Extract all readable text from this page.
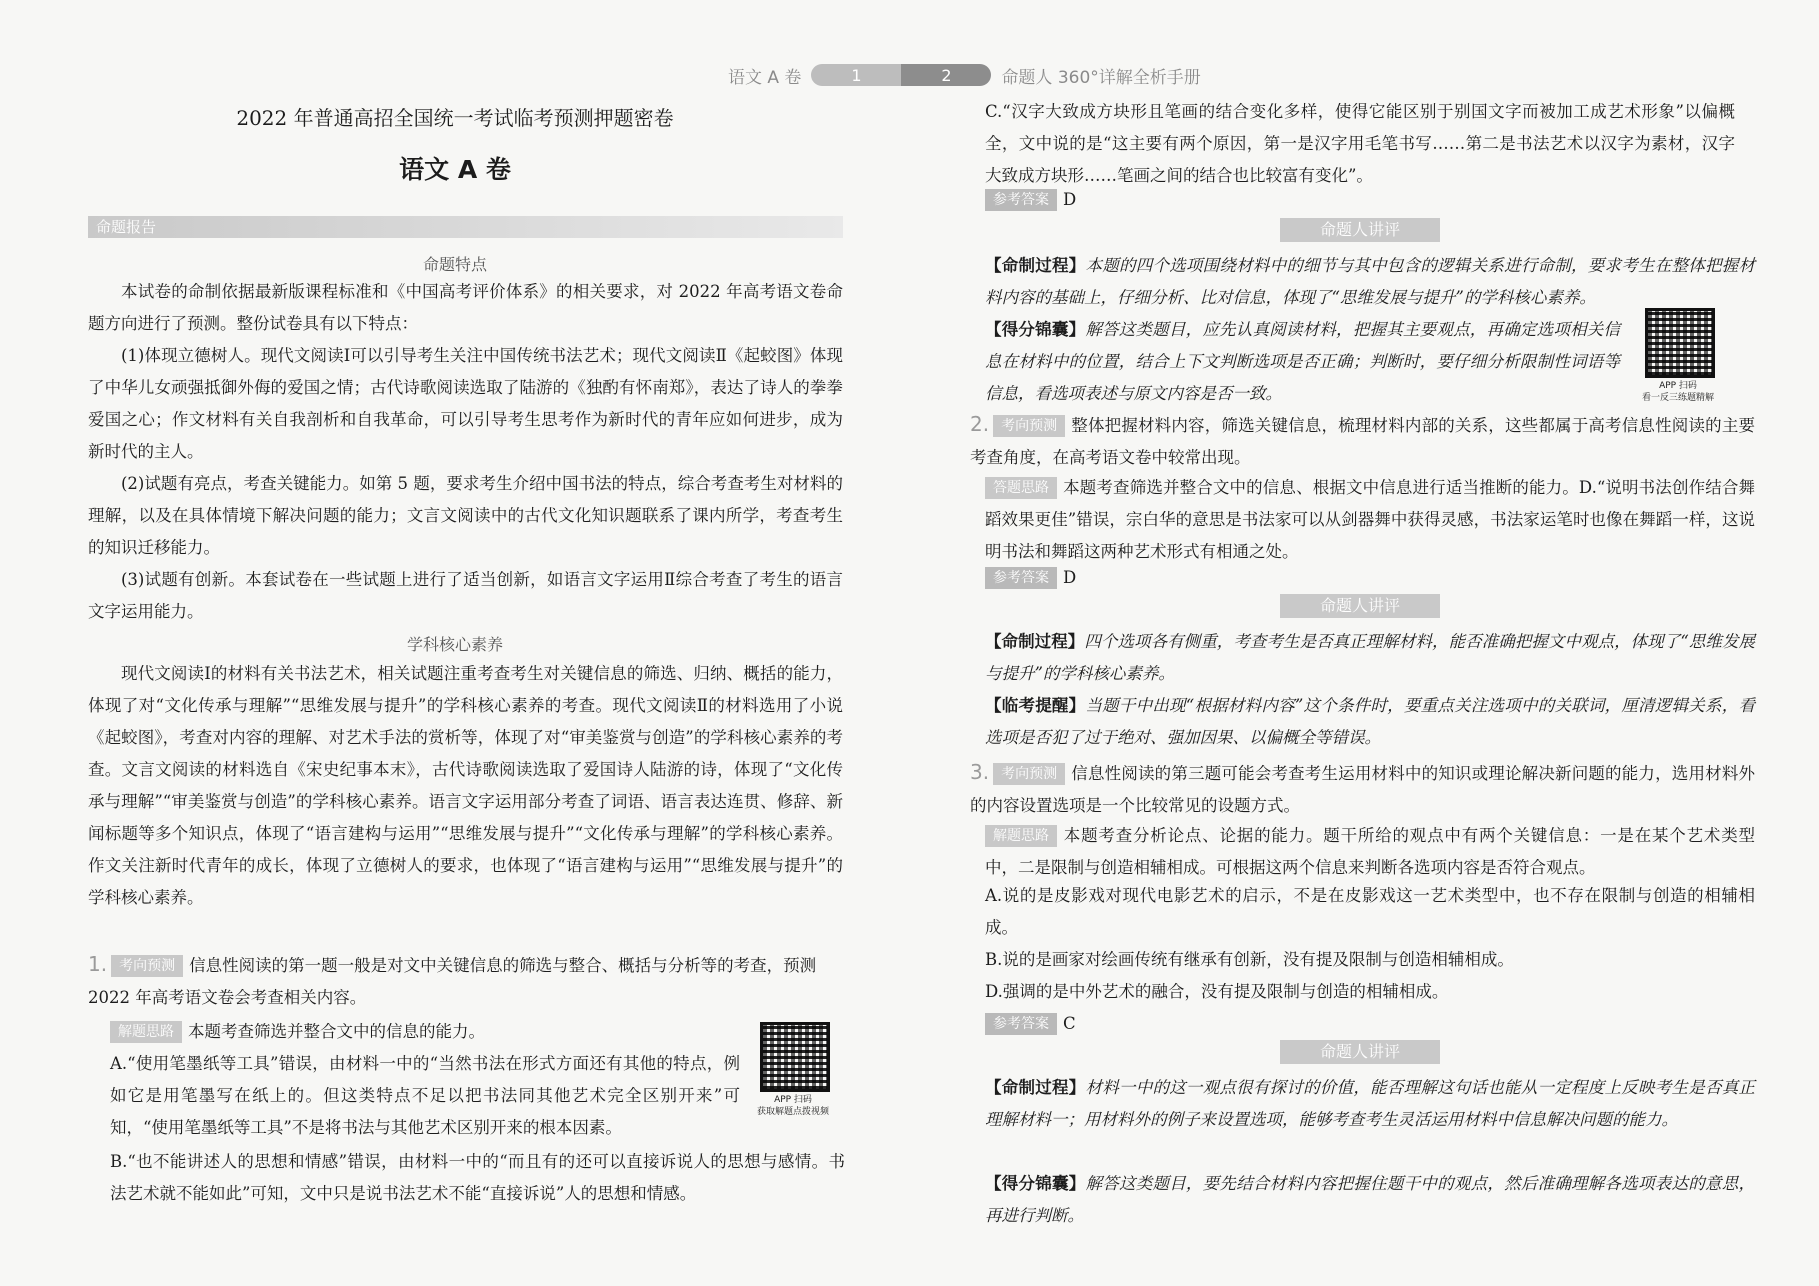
语文 A 卷	1	2	命题人 360°详解全析手册
2022 年普通高招全国统一考试临考预测押题密卷
语文 A 卷
命题报告
命题特点
本试卷的命制依据最新版课程标准和《中国高考评价体系》的相关要求，对 2022 年高考语文卷命题方向进行了预测。整份试卷具有以下特点：
(1)体现立德树人。现代文阅读Ⅰ可以引导考生关注中国传统书法艺术；现代文阅读Ⅱ《起蛟图》体现了中华儿女顽强抵御外侮的爱国之情；古代诗歌阅读选取了陆游的《独酌有怀南郑》，表达了诗人的拳拳爱国之心；作文材料有关自我剖析和自我革命，可以引导考生思考作为新时代的青年应如何进步，成为新时代的主人。
(2)试题有亮点，考查关键能力。如第 5 题，要求考生介绍中国书法的特点，综合考查考生对材料的理解，以及在具体情境下解决问题的能力；文言文阅读中的古代文化知识题联系了课内所学，考查考生的知识迁移能力。
(3)试题有创新。本套试卷在一些试题上进行了适当创新，如语言文字运用Ⅱ综合考查了考生的语言文字运用能力。
学科核心素养
现代文阅读Ⅰ的材料有关书法艺术，相关试题注重考查考生对关键信息的筛选、归纳、概括的能力，体现了对“文化传承与理解”“思维发展与提升”的学科核心素养的考查。现代文阅读Ⅱ的材料选用了小说《起蛟图》，考查对内容的理解、对艺术手法的赏析等，体现了对“审美鉴赏与创造”的学科核心素养的考查。文言文阅读的材料选自《宋史纪事本末》，古代诗歌阅读选取了爱国诗人陆游的诗，体现了“文化传承与理解”“审美鉴赏与创造”的学科核心素养。语言文字运用部分考查了词语、语言表达连贯、修辞、新闻标题等多个知识点，体现了“语言建构与运用”“思维发展与提升”“文化传承与理解”的学科核心素养。作文关注新时代青年的成长，体现了立德树人的要求，也体现了“语言建构与运用”“思维发展与提升”的学科核心素养。
1. 考向预测 信息性阅读的第一题一般是对文中关键信息的筛选与整合、概括与分析等的考查，预测 2022 年高考语文卷会考查相关内容。
解题思路 本题考查筛选并整合文中的信息的能力。
A.“使用笔墨纸等工具”错误，由材料一中的“当然书法在形式方面还有其他的特点，例如它是用笔墨写在纸上的。但这类特点不足以把书法同其他艺术完全区别开来”可知，“使用笔墨纸等工具”不是将书法与其他艺术区别开来的根本因素。
B.“也不能讲述人的思想和情感”错误，由材料一中的“而且有的还可以直接诉说人的思想与感情。书法艺术就不能如此”可知，文中只是说书法艺术不能“直接诉说”人的思想和情感。
APP 扫码
获取解题点拨视频
C.“汉字大致成方块形且笔画的结合变化多样，使得它能区别于别国文字而被加工成艺术形象”以偏概全，文中说的是“这主要有两个原因，第一是汉字用毛笔书写……第二是书法艺术以汉字为素材，汉字大致成方块形……笔画之间的结合也比较富有变化”。
参考答案 D
命题人讲评
【命制过程】本题的四个选项围绕材料中的细节与其中包含的逻辑关系进行命制，要求考生在整体把握材料内容的基础上，仔细分析、比对信息，体现了“思维发展与提升”的学科核心素养。
【得分锦囊】解答这类题目，应先认真阅读材料，把握其主要观点，再确定选项相关信息在材料中的位置，结合上下文判断选项是否正确；判断时，要仔细分析限制性词语等信息，看选项表述与原文内容是否一致。	APP 扫码
看一反三练题精解
2. 考向预测 整体把握材料内容，筛选关键信息，梳理材料内部的关系，这些都属于高考信息性阅读的主要考查角度，在高考语文卷中较常出现。
答题思路 本题考查筛选并整合文中的信息、根据文中信息进行适当推断的能力。D.“说明书法创作结合舞蹈效果更佳”错误，宗白华的意思是书法家可以从剑器舞中获得灵感，书法家运笔时也像在舞蹈一样，这说明书法和舞蹈这两种艺术形式有相通之处。
参考答案 D
命题人讲评
【命制过程】四个选项各有侧重，考查考生是否真正理解材料，能否准确把握文中观点，体现了“思维发展与提升”的学科核心素养。
【临考提醒】当题干中出现“根据材料内容”这个条件时，要重点关注选项中的关联词，厘清逻辑关系，看选项是否犯了过于绝对、强加因果、以偏概全等错误。
3. 考向预测 信息性阅读的第三题可能会考查考生运用材料中的知识或理论解决新问题的能力，选用材料外的内容设置选项是一个比较常见的设题方式。
解题思路 本题考查分析论点、论据的能力。题干所给的观点中有两个关键信息：一是在某个艺术类型中，二是限制与创造相辅相成。可根据这两个信息来判断各选项内容是否符合观点。
A.说的是皮影戏对现代电影艺术的启示，不是在皮影戏这一艺术类型中，也不存在限制与创造的相辅相成。
B.说的是画家对绘画传统有继承有创新，没有提及限制与创造相辅相成。
D.强调的是中外艺术的融合，没有提及限制与创造的相辅相成。
参考答案 C
命题人讲评
【命制过程】材料一中的这一观点很有探讨的价值，能否理解这句话也能从一定程度上反映考生是否真正理解材料一；用材料外的例子来设置选项，能够考查考生灵活运用材料中信息解决问题的能力。
【得分锦囊】解答这类题目，要先结合材料内容把握住题干中的观点，然后准确理解各选项表达的意思，再进行判断。
